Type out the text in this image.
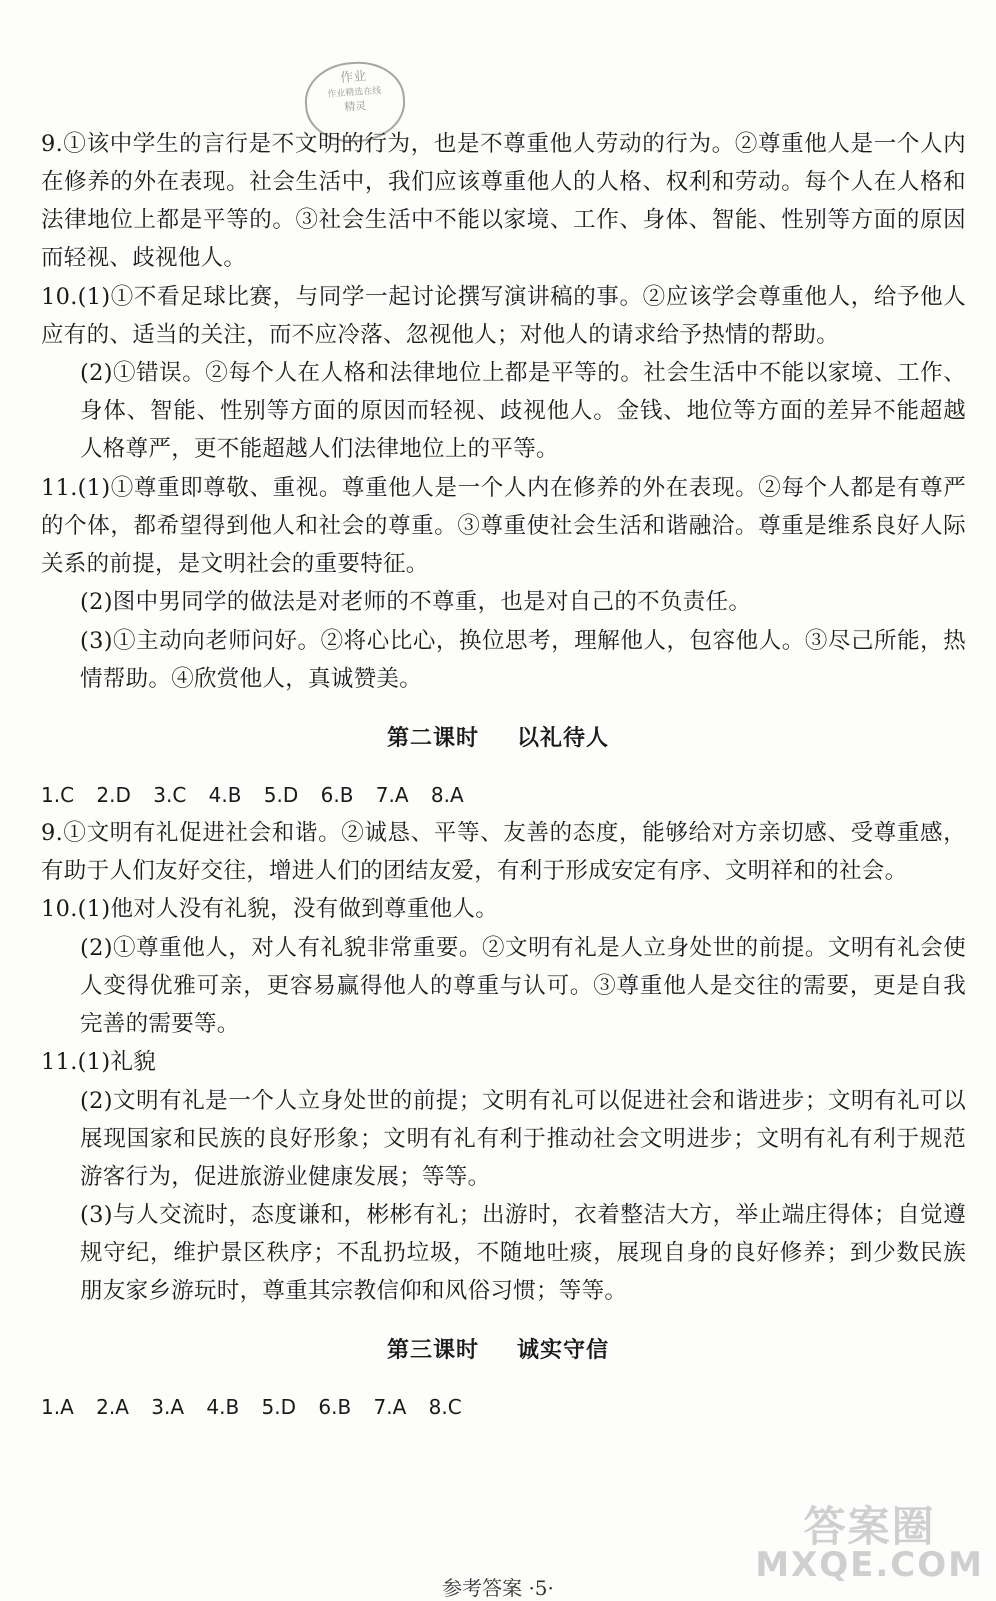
作业
作业精选在线
精灵

9.①该中学生的言行是不文明的行为，也是不尊重他人劳动的行为。②尊重他人是一个人内在修养的外在表现。社会生活中，我们应该尊重他人的人格、权利和劳动。每个人在人格和法律地位上都是平等的。③社会生活中不能以家境、工作、身体、智能、性别等方面的原因而轻视、歧视他人。

10.(1)①不看足球比赛，与同学一起讨论撰写演讲稿的事。②应该学会尊重他人，给予他人应有的、适当的关注，而不应冷落、忽视他人；对他人的请求给予热情的帮助。

(2)①错误。②每个人在人格和法律地位上都是平等的。社会生活中不能以家境、工作、身体、智能、性别等方面的原因而轻视、歧视他人。金钱、地位等方面的差异不能超越人格尊严，更不能超越人们法律地位上的平等。

11.(1)①尊重即尊敬、重视。尊重他人是一个人内在修养的外在表现。②每个人都是有尊严的个体，都希望得到他人和社会的尊重。③尊重使社会生活和谐融洽。尊重是维系良好人际关系的前提，是文明社会的重要特征。

(2)图中男同学的做法是对老师的不尊重，也是对自己的不负责任。

(3)①主动向老师问好。②将心比心，换位思考，理解他人，包容他人。③尽己所能，热情帮助。④欣赏他人，真诚赞美。

第二课时 以礼待人
1.C 2.D 3.C 4.B 5.D 6.B 7.A 8.A

9.①文明有礼促进社会和谐。②诚恳、平等、友善的态度，能够给对方亲切感、受尊重感，有助于人们友好交往，增进人们的团结友爱，有利于形成安定有序、文明祥和的社会。

10.(1)他对人没有礼貌，没有做到尊重他人。

(2)①尊重他人，对人有礼貌非常重要。②文明有礼是人立身处世的前提。文明有礼会使人变得优雅可亲，更容易赢得他人的尊重与认可。③尊重他人是交往的需要，更是自我完善的需要等。

11.(1)礼貌

(2)文明有礼是一个人立身处世的前提；文明有礼可以促进社会和谐进步；文明有礼可以展现国家和民族的良好形象；文明有礼有利于推动社会文明进步；文明有礼有利于规范游客行为，促进旅游业健康发展；等等。

(3)与人交流时，态度谦和，彬彬有礼；出游时，衣着整洁大方，举止端庄得体；自觉遵规守纪，维护景区秩序；不乱扔垃圾，不随地吐痰，展现自身的良好修养；到少数民族朋友家乡游玩时，尊重其宗教信仰和风俗习惯；等等。

第三课时 诚实守信
1.A 2.A 3.A 4.B 5.D 6.B 7.A 8.C
参考答案 ·5·
答案圈
MXQE.COM
